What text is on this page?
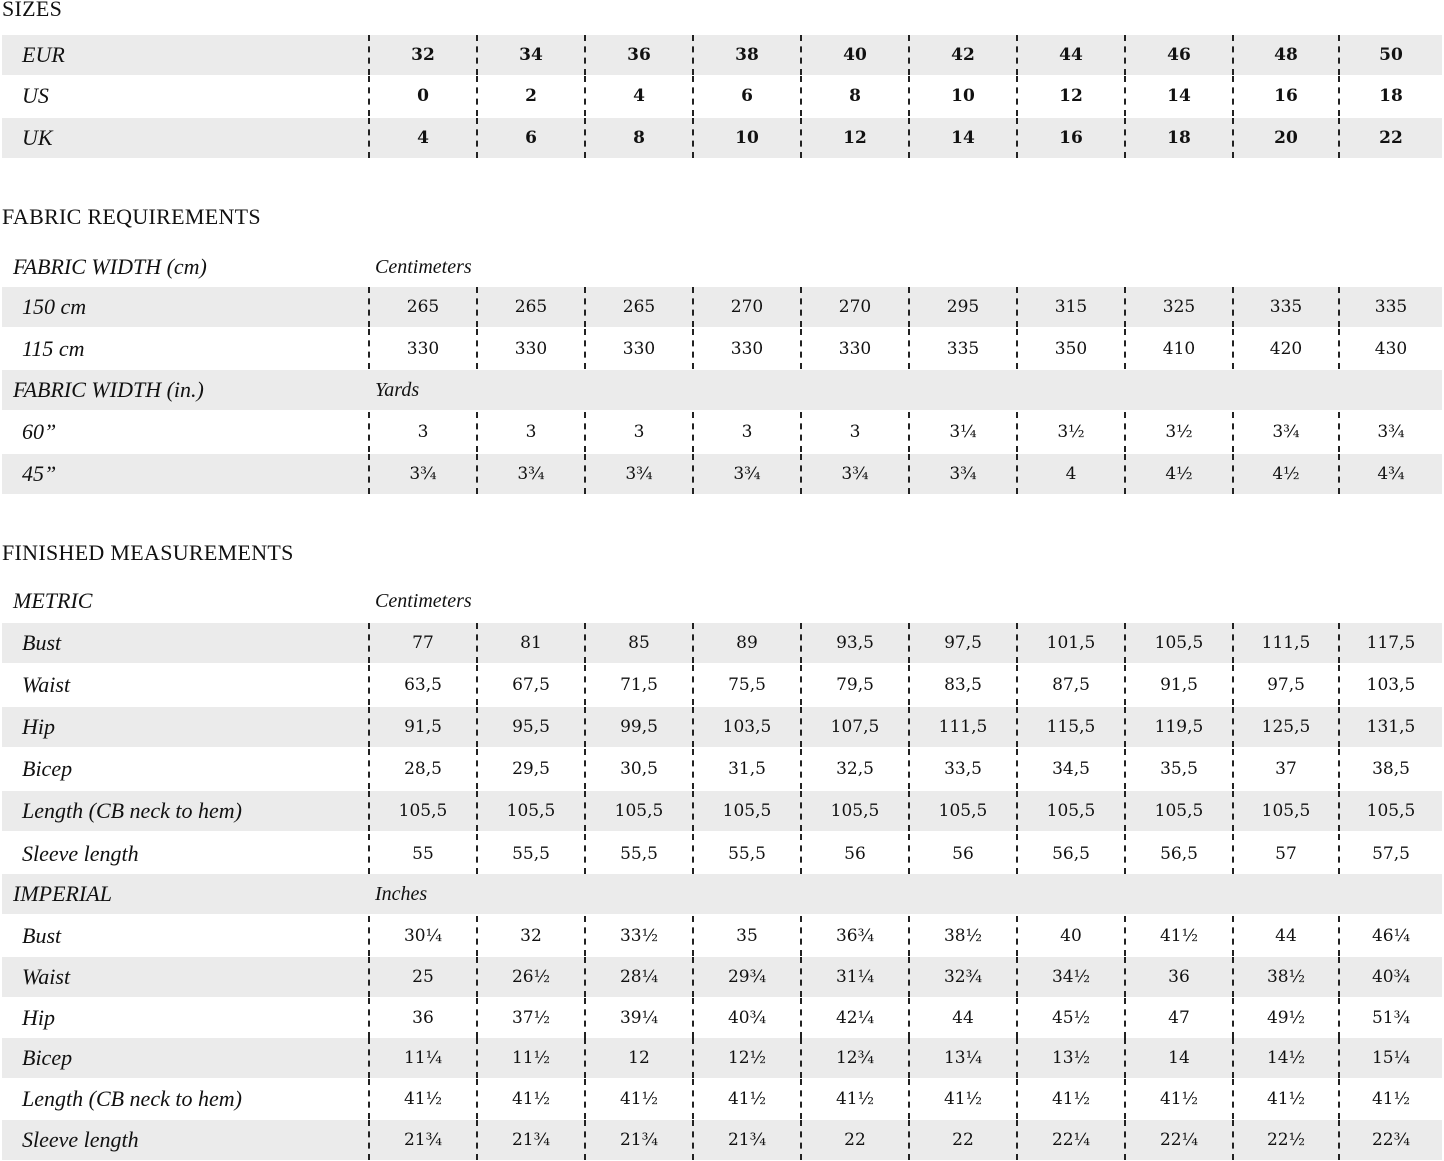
SIZES
EUR	32	34	36	38	40	42	44	46	48	50
US	0	2	4	6	8	10	12	14	16	18
UK	4	6	8	10	12	14	16	18	20	22
FABRIC REQUIREMENTS
FABRIC WIDTH (cm)	Centimeters
150 cm	265	265	265	270	270	295	315	325	335	335
115 cm	330	330	330	330	330	335	350	410	420	430
FABRIC WIDTH (in.)	Yards
60”	3	3	3	3	3	3¼	3½	3½	3¾	3¾
45”	3¾	3¾	3¾	3¾	3¾	3¾	4	4½	4½	4¾
FINISHED MEASUREMENTS
METRIC	Centimeters
Bust	77	81	85	89	93,5	97,5	101,5	105,5	111,5	117,5
Waist	63,5	67,5	71,5	75,5	79,5	83,5	87,5	91,5	97,5	103,5
Hip	91,5	95,5	99,5	103,5	107,5	111,5	115,5	119,5	125,5	131,5
Bicep	28,5	29,5	30,5	31,5	32,5	33,5	34,5	35,5	37	38,5
Length (CB neck to hem)	105,5	105,5	105,5	105,5	105,5	105,5	105,5	105,5	105,5	105,5
Sleeve length	55	55,5	55,5	55,5	56	56	56,5	56,5	57	57,5
IMPERIAL	Inches
Bust	30¼	32	33½	35	36¾	38½	40	41½	44	46¼
Waist	25	26½	28¼	29¾	31¼	32¾	34½	36	38½	40¾
Hip	36	37½	39¼	40¾	42¼	44	45½	47	49½	51¾
Bicep	11¼	11½	12	12½	12¾	13¼	13½	14	14½	15¼
Length (CB neck to hem)	41½	41½	41½	41½	41½	41½	41½	41½	41½	41½
Sleeve length	21¾	21¾	21¾	21¾	22	22	22¼	22¼	22½	22¾
